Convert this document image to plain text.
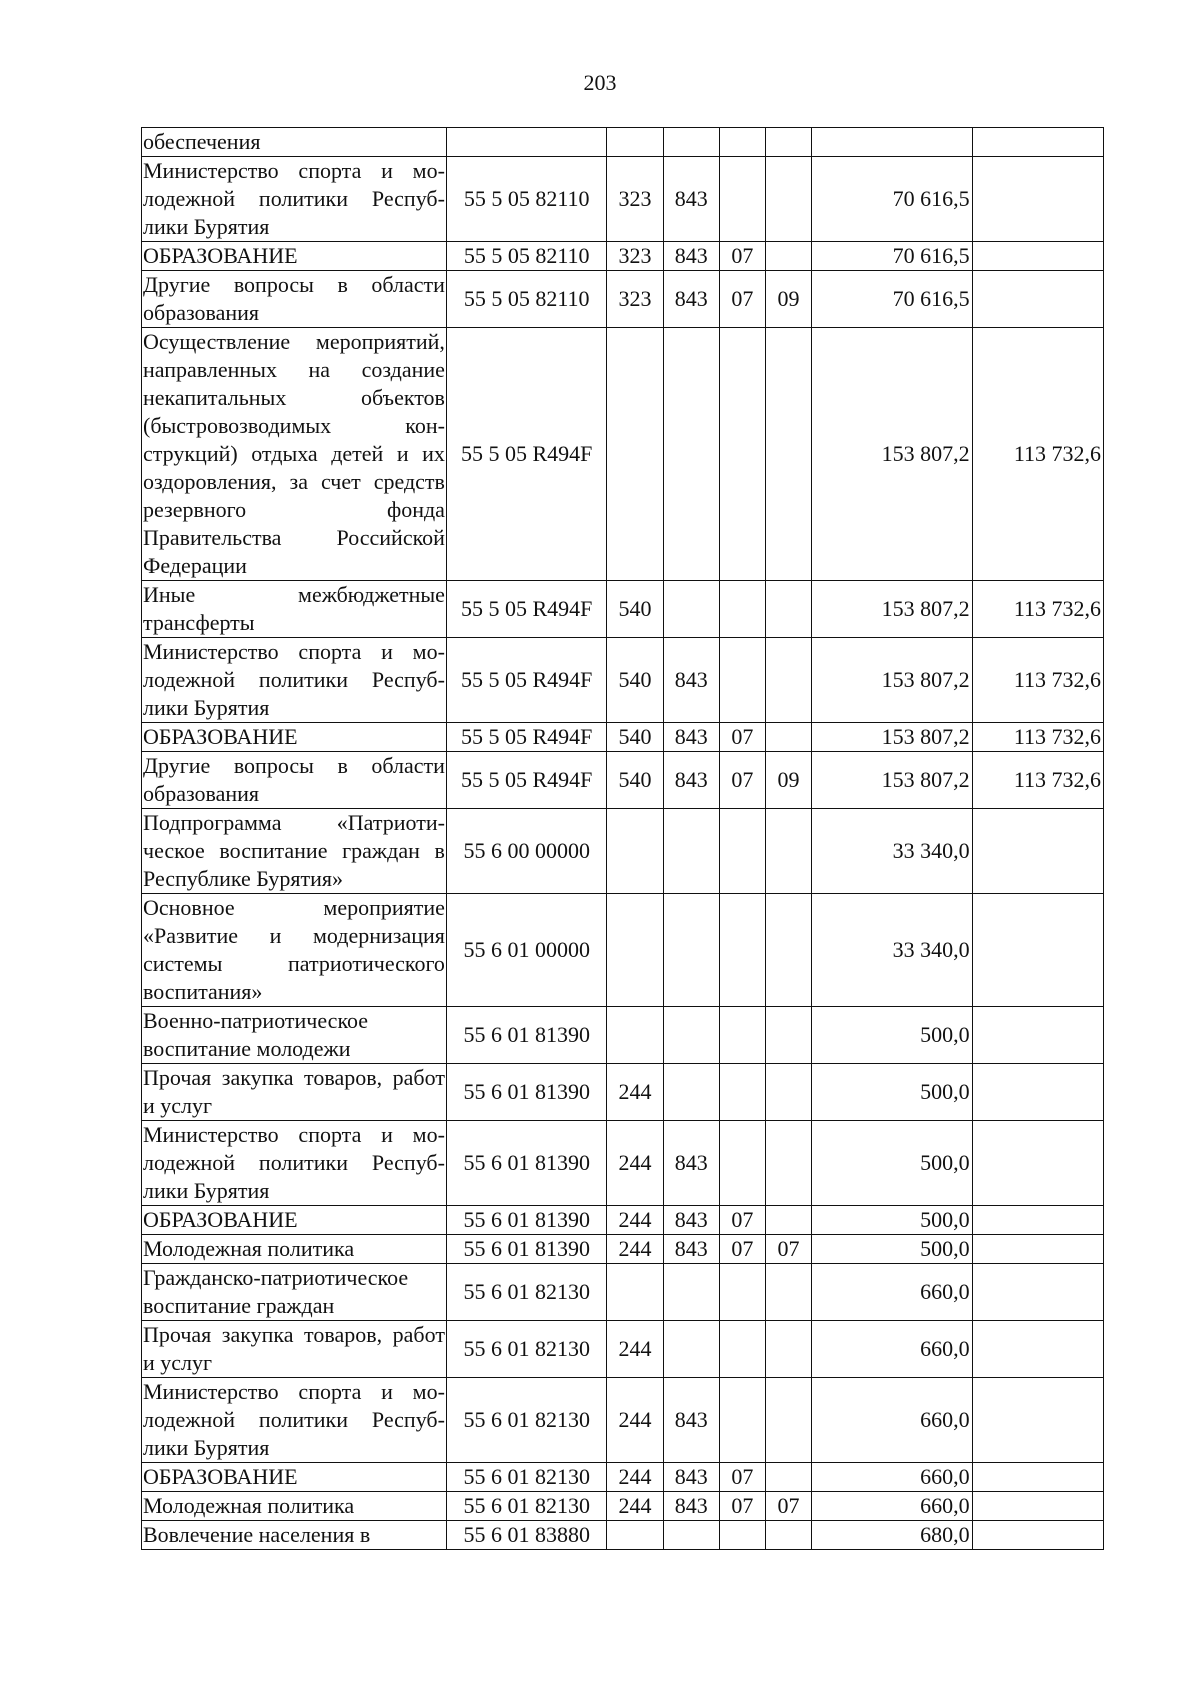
203
обеспечения							
Министерство спорта и молодежной политики Республики Бурятия	55 5 05 82110	323	843			70 616,5	
ОБРАЗОВАНИЕ	55 5 05 82110	323	843	07		70 616,5	
Другие вопросы в области образования	55 5 05 82110	323	843	07	09	70 616,5	
Осуществление мероприятий, направленных на создание некапитальных объектов (быстровозводимых конструкций) отдыха детей и их оздоровления, за счет средств резервного фонда Правительства Российской Федерации	55 5 05 R494F					153 807,2	113 732,6
Иные межбюджетные трансферты	55 5 05 R494F	540				153 807,2	113 732,6
Министерство спорта и молодежной политики Республики Бурятия	55 5 05 R494F	540	843			153 807,2	113 732,6
ОБРАЗОВАНИЕ	55 5 05 R494F	540	843	07		153 807,2	113 732,6
Другие вопросы в области образования	55 5 05 R494F	540	843	07	09	153 807,2	113 732,6
Подпрограмма «Патриотическое воспитание граждан в Республике Бурятия»	55 6 00 00000					33 340,0	
Основное мероприятие «Развитие и модернизация системы патриотического воспитания»	55 6 01 00000					33 340,0	
Военно-патриотическое воспитание молодежи	55 6 01 81390					500,0	
Прочая закупка товаров, работ и услуг	55 6 01 81390	244				500,0	
Министерство спорта и молодежной политики Республики Бурятия	55 6 01 81390	244	843			500,0	
ОБРАЗОВАНИЕ	55 6 01 81390	244	843	07		500,0	
Молодежная политика	55 6 01 81390	244	843	07	07	500,0	
Гражданско-патриотическое воспитание граждан	55 6 01 82130					660,0	
Прочая закупка товаров, работ и услуг	55 6 01 82130	244				660,0	
Министерство спорта и молодежной политики Республики Бурятия	55 6 01 82130	244	843			660,0	
ОБРАЗОВАНИЕ	55 6 01 82130	244	843	07		660,0	
Молодежная политика	55 6 01 82130	244	843	07	07	660,0	
Вовлечение населения в	55 6 01 83880					680,0	
